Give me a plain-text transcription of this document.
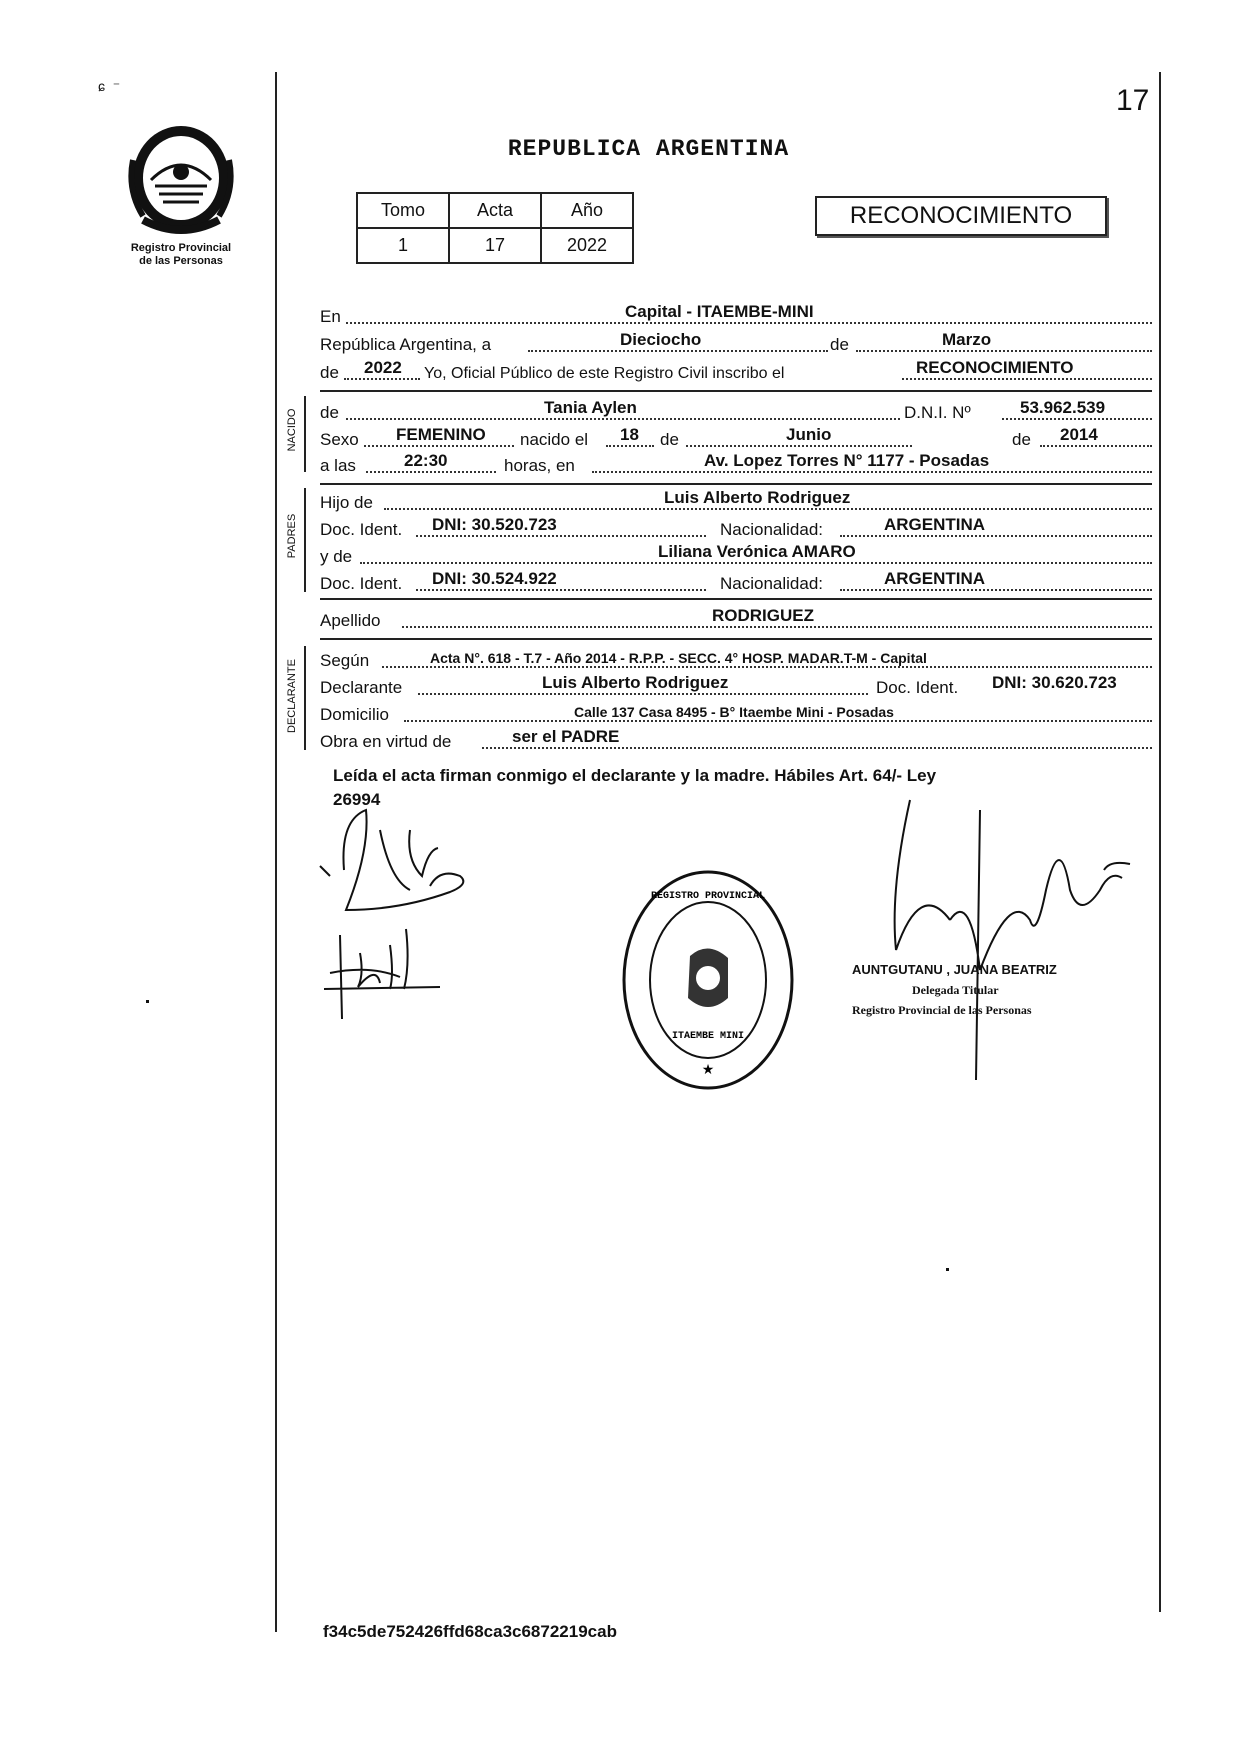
ɕ  ⁻	17
Registro Provincial
de las Personas
REPUBLICA ARGENTINA
Tomo	Acta	Año
1	17	2022
RECONOCIMIENTO
En	Capital - ITAEMBE-MINI
República Argentina, a	Dieciocho	de	Marzo
de 2022 Yo, Oficial Público de este Registro Civil inscribo el	RECONOCIMIENTO
NACIDO de	Tania Aylen	D.N.I. Nº	53.962.539
Sexo FEMENINO nacido el 18 de	Junio	de 2014
a las	22:30	horas, en	Av. Lopez Torres N° 1177 - Posadas
PADRES
Hijo de	Luis Alberto Rodriguez
Doc. Ident. DNI: 30.520.723	Nacionalidad:	ARGENTINA
y de	Liliana Verónica AMARO
Doc. Ident. DNI: 30.524.922	Nacionalidad:	ARGENTINA
Apellido	RODRIGUEZ
DECLARANTE Según	Acta N°. 618 - T.7 - Año 2014 - R.P.P. - SECC. 4° HOSP. MADAR.T-M - Capital
Declarante	Luis Alberto Rodriguez	Doc. Ident. DNI: 30.620.723
Domicilio	Calle 137 Casa 8495 - B° Itaembe Mini - Posadas
Obra en virtud de	ser el PADRE
Leída el acta firman conmigo el declarante y la madre. Hábiles Art. 64/- Ley
26994
REGISTRO PROVINCIAL
ITAEMBE MINI
★
AUNTGUTANU , JUANA BEATRIZ
Delegada Titular
Registro Provincial de las Personas
f34c5de752426ffd68ca3c6872219cab
